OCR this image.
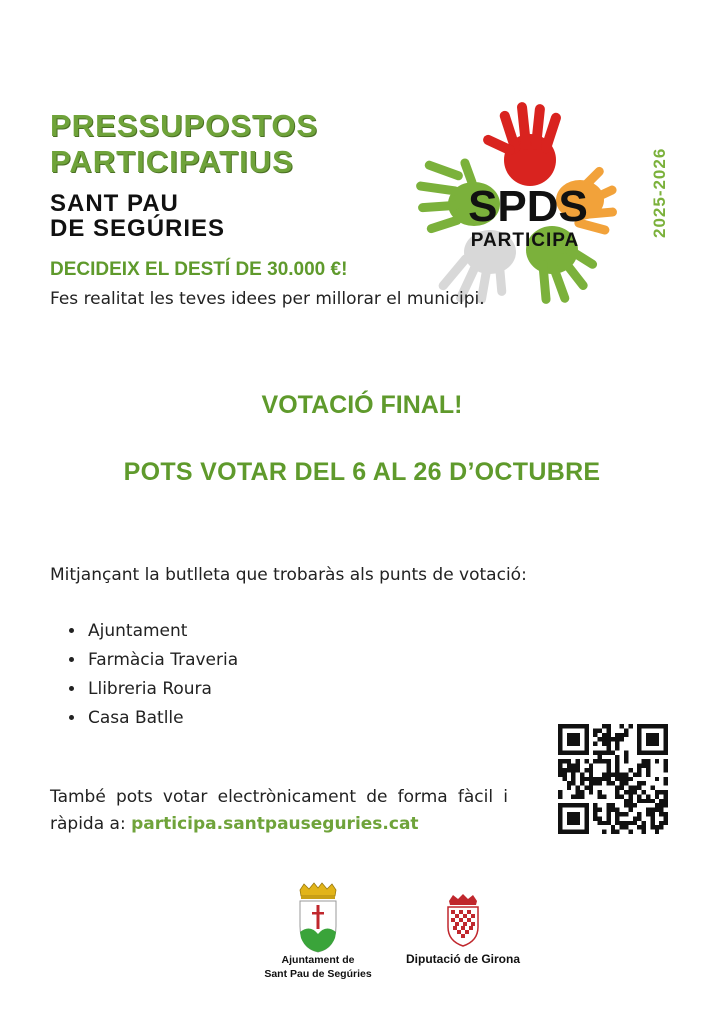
PRESSUPOSTOS
PARTICIPATIUS
SANT PAU
DE SEGÚRIES	SPDS
PARTICIPA
2025-2026
DECIDEIX EL DESTÍ DE 30.000 €!
Fes realitat les teves idees per millorar el municipi.
VOTACIÓ FINAL!
POTS VOTAR DEL 6 AL 26 D’OCTUBRE
Mitjançant la butlleta que trobaràs als punts de votació:
• Ajuntament
• Farmàcia Traveria
• Llibreria Roura
• Casa Batlle
També pots votar electrònicament de forma fàcil i ràpida a: participa.santpauseguries.cat
Ajuntament de
Sant Pau de Segúries
Diputació de Girona
